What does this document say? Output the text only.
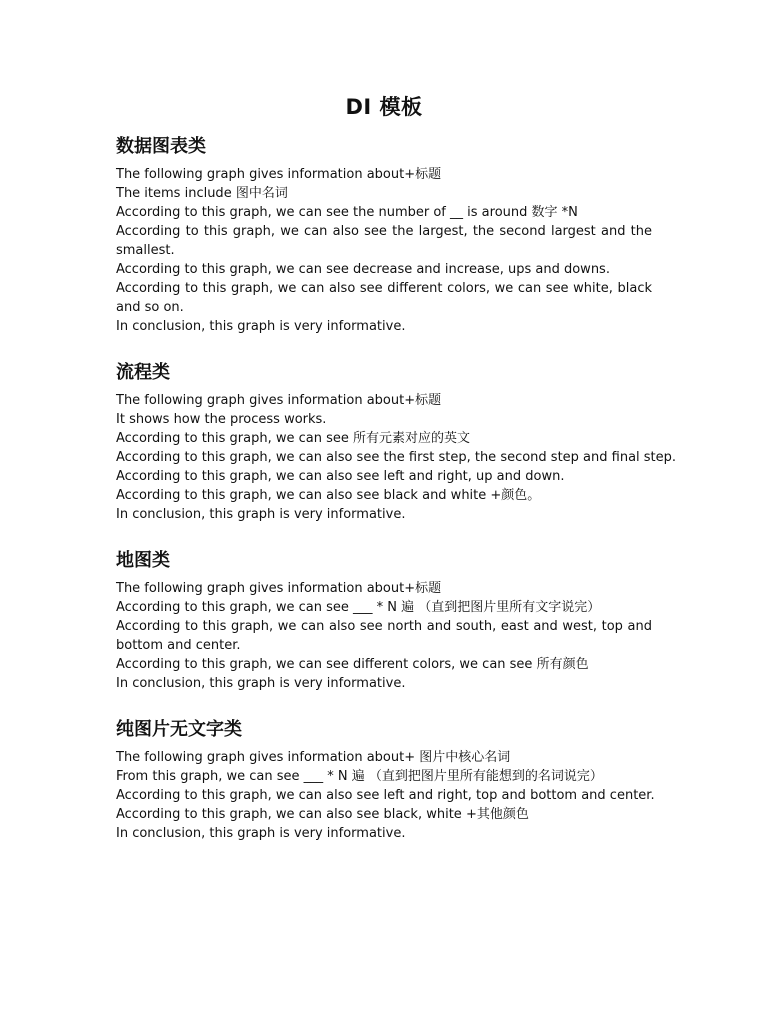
DI 模板
数据图表类

The following graph gives information about+标题

The items include 图中名词

According to this graph, we can see the number of __ is around 数字 *N

According to this graph, we can also see the largest, the second largest and the smallest.

According to this graph, we can see decrease and increase, ups and downs.

According to this graph, we can also see different colors, we can see white, black and so on.

In conclusion, this graph is very informative.

流程类

The following graph gives information about+标题

It shows how the process works.

According to this graph, we can see 所有元素对应的英文

According to this graph, we can also see the first step, the second step and final step.

According to this graph, we can also see left and right, up and down.

According to this graph, we can also see black and white +颜色。

In conclusion, this graph is very informative.

地图类

The following graph gives information about+标题

According to this graph, we can see ___ * N 遍 （直到把图片里所有文字说完）

According to this graph, we can also see north and south, east and west, top and bottom and center.

According to this graph, we can see different colors, we can see 所有颜色

In conclusion, this graph is very informative.

纯图片无文字类

The following graph gives information about+ 图片中核心名词

From this graph, we can see ___ * N 遍 （直到把图片里所有能想到的名词说完）

According to this graph, we can also see left and right, top and bottom and center.

According to this graph, we can also see black, white +其他颜色

In conclusion, this graph is very informative.
